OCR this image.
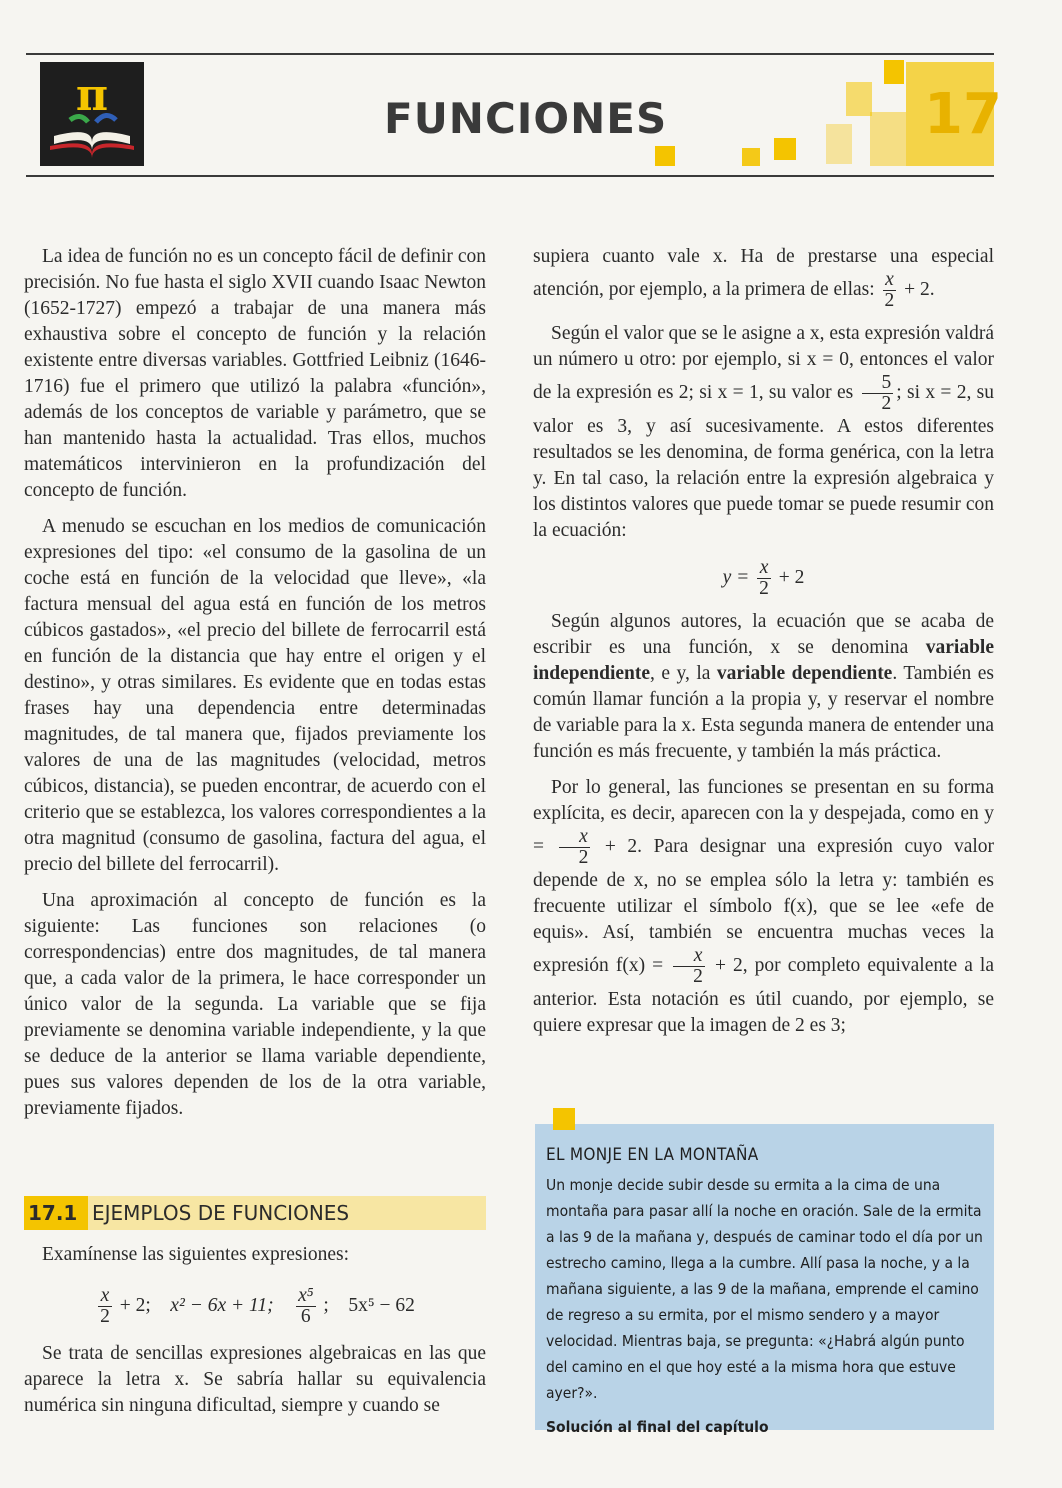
π	FUNCIONES	17

La idea de función no es un concepto fácil de definir con precisión. No fue hasta el siglo XVII cuando Isaac Newton (1652-1727) empezó a trabajar de una manera más exhaustiva sobre el concepto de función y la relación existente entre diversas variables. Gottfried Leibniz (1646-1716) fue el primero que utilizó la palabra «función», además de los conceptos de variable y parámetro, que se han mantenido hasta la actualidad. Tras ellos, muchos matemáticos intervinieron en la profundización del concepto de función.

A menudo se escuchan en los medios de comunicación expresiones del tipo: «el consumo de la gasolina de un coche está en función de la velocidad que lleve», «la factura mensual del agua está en función de los metros cúbicos gastados», «el precio del billete de ferrocarril está en función de la distancia que hay entre el origen y el destino», y otras similares. Es evidente que en todas estas frases hay una dependencia entre determinadas magnitudes, de tal manera que, fijados previamente los valores de una de las magnitudes (velocidad, metros cúbicos, distancia), se pueden encontrar, de acuerdo con el criterio que se establezca, los valores correspondientes a la otra magnitud (consumo de gasolina, factura del agua, el precio del billete del ferrocarril).

Una aproximación al concepto de función es la siguiente: Las funciones son relaciones (o correspondencias) entre dos magnitudes, de tal manera que, a cada valor de la primera, le hace corresponder un único valor de la segunda. La variable que se fija previamente se denomina variable independiente, y la que se deduce de la anterior se llama variable dependiente, pues sus valores dependen de los de la otra variable, previamente fijados.

17.1 EJEMPLOS DE FUNCIONES

Examínense las siguientes expresiones:

$\frac{x}{2} + 2$; x² − 6x + 11; $\frac{\text{x⁵}}{6}$ ; 5x⁵ − 62

Se trata de sencillas expresiones algebraicas en las que aparece la letra x. Se sabría hallar su equivalencia numérica sin ninguna dificultad, siempre y cuando se

supiera cuanto vale x. Ha de prestarse una especial atención, por ejemplo, a la primera de ellas: $\frac{x}{2} + 2$.

Según el valor que se le asigne a x, esta expresión valdrá un número u otro: por ejemplo, si x = 0, entonces el valor de la expresión es 2; si x = 1, su valor es $\frac{5}{2}$ ; si x = 2, su valor es 3, y así sucesivamente. A estos diferentes resultados se les denomina, de forma genérica, con la letra y. En tal caso, la relación entre la expresión algebraica y los distintos valores que puede tomar se puede resumir con la ecuación:

$y = \frac{x}{2} + 2$

Según algunos autores, la ecuación que se acaba de escribir es una función, x se denomina variable independiente, e y, la variable dependiente. También es común llamar función a la propia y, y reservar el nombre de variable para la x. Esta segunda manera de entender una función es más frecuente, y también la más práctica.

Por lo general, las funciones se presentan en su forma explícita, es decir, aparecen con la y despejada, como en $y = \frac{x}{2} + 2$. Para designar una expresión cuyo valor depende de x, no se emplea sólo la letra y: también es frecuente utilizar el símbolo f(x), que se lee «efe de equis». Así, también se encuentra muchas veces la expresión $f(x) = \frac{x}{2} + 2$, por completo equivalente a la anterior. Esta notación es útil cuando, por ejemplo, se quiere expresar que la imagen de 2 es 3;

EL MONJE EN LA MONTAÑA
Un monje decide subir desde su ermita a la cima de una montaña para pasar allí la noche en oración. Sale de la ermita a las 9 de la mañana y, después de caminar todo el día por un estrecho camino, llega a la cumbre. Allí pasa la noche, y a la mañana siguiente, a las 9 de la mañana, emprende el camino de regreso a su ermita, por el mismo sendero y a mayor velocidad. Mientras baja, se pregunta: «¿Habrá algún punto del camino en el que hoy esté a la misma hora que estuve ayer?».
Solución al final del capítulo
